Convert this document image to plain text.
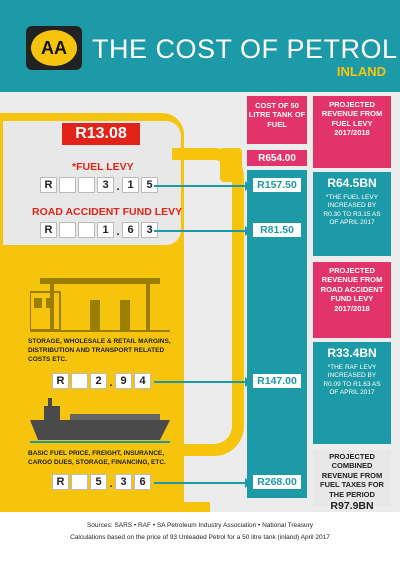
AA THE COST OF PETROL
INLAND
R13.08
*FUEL LEVY
R	3 . 1	5
ROAD ACCIDENT FUND LEVY
R	1 . 6	3
STORAGE, WHOLESALE & RETAIL MARGINS, DISTRIBUTION AND TRANSPORT RELATED COSTS ETC.
R	2 . 9	4
BASIC FUEL PRICE, FREIGHT, INSURANCE, CARGO DUES, STORAGE, FINANCING, ETC.
R	5 . 3	6
COST OF 50 LITRE TANK OF FUEL
R654.00
R157.50
R81.50
R147.00
R268.00
PROJECTED REVENUE FROM FUEL LEVY 2017/2018
R64.5BN
*THE FUEL LEVY INCREASED BY R0.30 TO R3.15 AS OF APRIL 2017
PROJECTED REVENUE FROM ROAD ACCIDENT FUND LEVY 2017/2018
R33.4BN
*THE RAF LEVY INCREASED BY R0.09 TO R1.63 AS OF APRIL 2017
PROJECTED COMBINED REVENUE FROM FUEL TAXES FOR THE PERIOD
R97.9BN
Sources: SARS • RAF • SA Petroleum Industry Association • National Treasury
Calculations based on the price of 93 Unleaded Petrol for a 50 litre tank (inland) April 2017
